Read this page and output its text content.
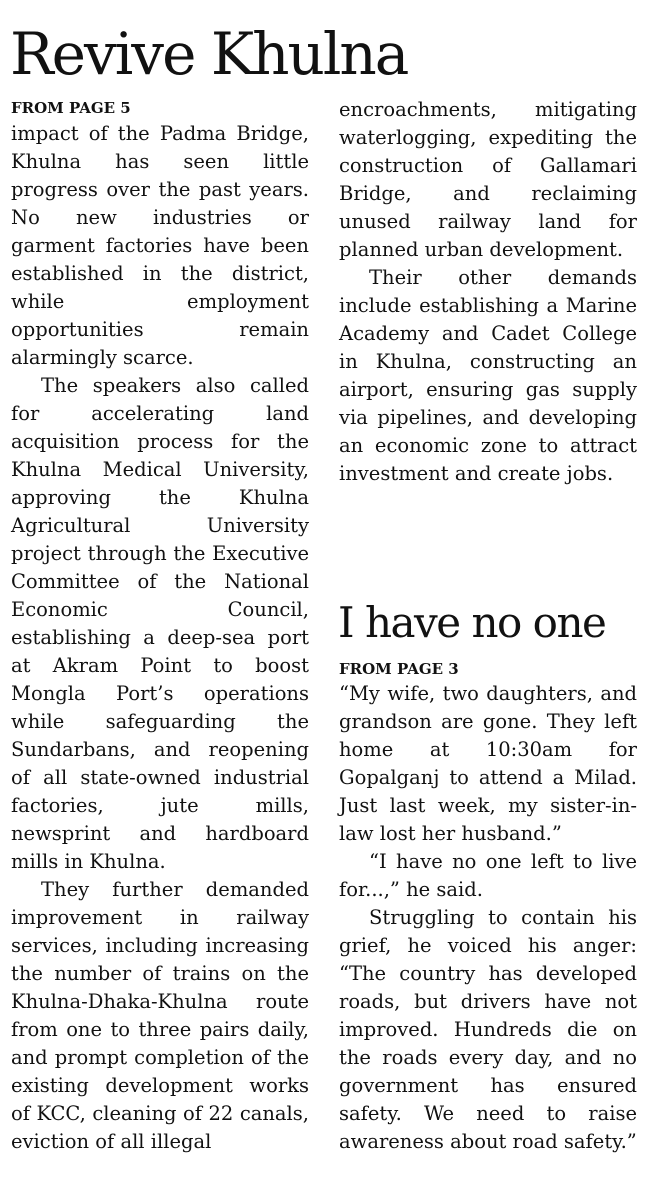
Revive Khulna
FROM PAGE 5

impact of the Padma Bridge, Khulna has seen little progress over the past years. No new industries or garment factories have been established in the district, while employment opportunities remain alarmingly scarce.

The speakers also called for accelerating land acquisition process for the Khulna Medical University, approving the Khulna Agricultural University project through the Executive Committee of the National Economic Council, establishing a deep-sea port at Akram Point to boost Mongla Port’s operations while safeguarding the Sundarbans, and reopening of all state-owned industrial factories, jute mills, newsprint and hardboard mills in Khulna.

They further demanded improvement in railway services, including increasing the number of trains on the Khulna-Dhaka-Khulna route from one to three pairs daily, and prompt completion of the existing development works of KCC, cleaning of 22 canals, eviction of all illegal

encroachments, mitigating waterlogging, expediting the construction of Gallamari Bridge, and reclaiming unused railway land for planned urban development.

Their other demands include establishing a Marine Academy and Cadet College in Khulna, constructing an airport, ensuring gas supply via pipelines, and developing an economic zone to attract investment and create jobs.

I have no one
FROM PAGE 3

“My wife, two daughters, and grandson are gone. They left home at 10:30am for Gopalganj to attend a Milad. Just last week, my sister-in-law lost her husband.”

“I have no one left to live for...,” he said.

Struggling to contain his grief, he voiced his anger: “The country has developed roads, but drivers have not improved. Hundreds die on the roads every day, and no government has ensured safety. We need to raise awareness about road safety.”
